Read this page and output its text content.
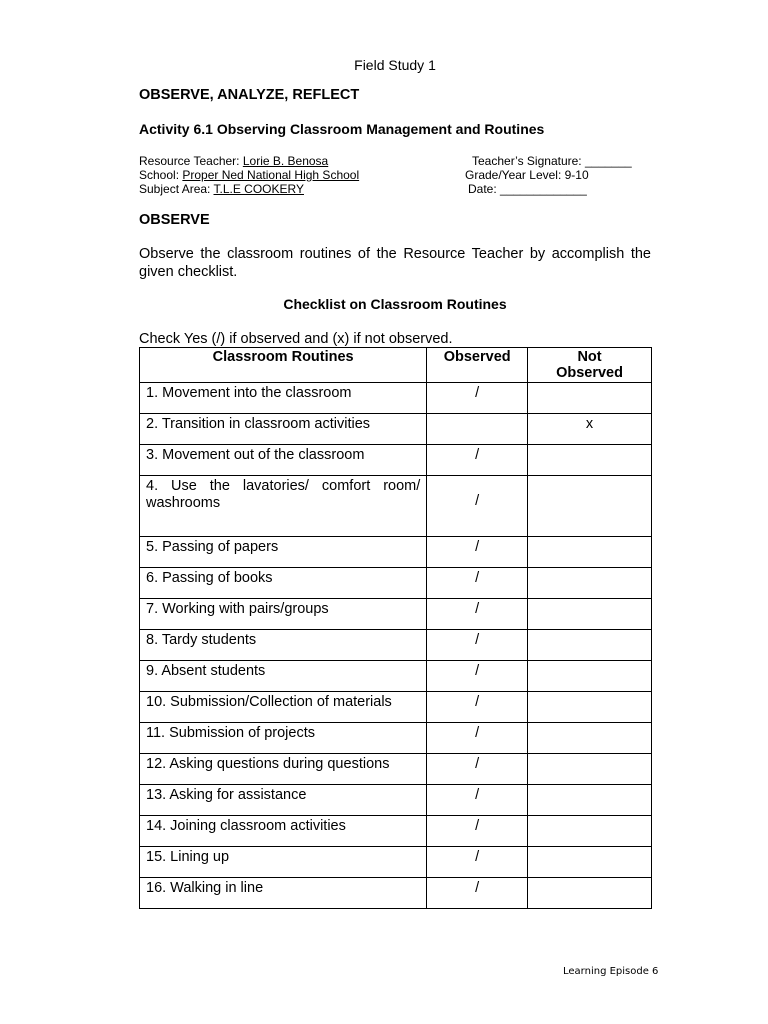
Field Study 1
OBSERVE, ANALYZE, REFLECT
Activity 6.1 Observing Classroom Management and Routines
Resource Teacher: Lorie B. Benosa
School: Proper Ned National High School
Subject Area: T.L.E COOKERY
Teacher’s Signature: _______
Grade/Year Level: 9-10
Date: _____________
OBSERVE
Observe the classroom routines of the Resource Teacher by accomplish the given checklist.
Checklist on Classroom Routines
Check Yes (/) if observed and (x) if not observed.
Classroom Routines	Observed	Not Observed
1. Movement into the classroom	/	
2. Transition in classroom activities		x
3. Movement out of the classroom	/	
4. Use the lavatories/ comfort room/ washrooms	/	
5. Passing of papers	/	
6. Passing of books	/	
7. Working with pairs/groups	/	
8. Tardy students	/	
9. Absent students	/	
10. Submission/Collection of materials	/	
11. Submission of projects	/	
12. Asking questions during questions	/	
13. Asking for assistance	/	
14. Joining classroom activities	/	
15. Lining up	/	
16. Walking in line	/	
Learning Episode 6
